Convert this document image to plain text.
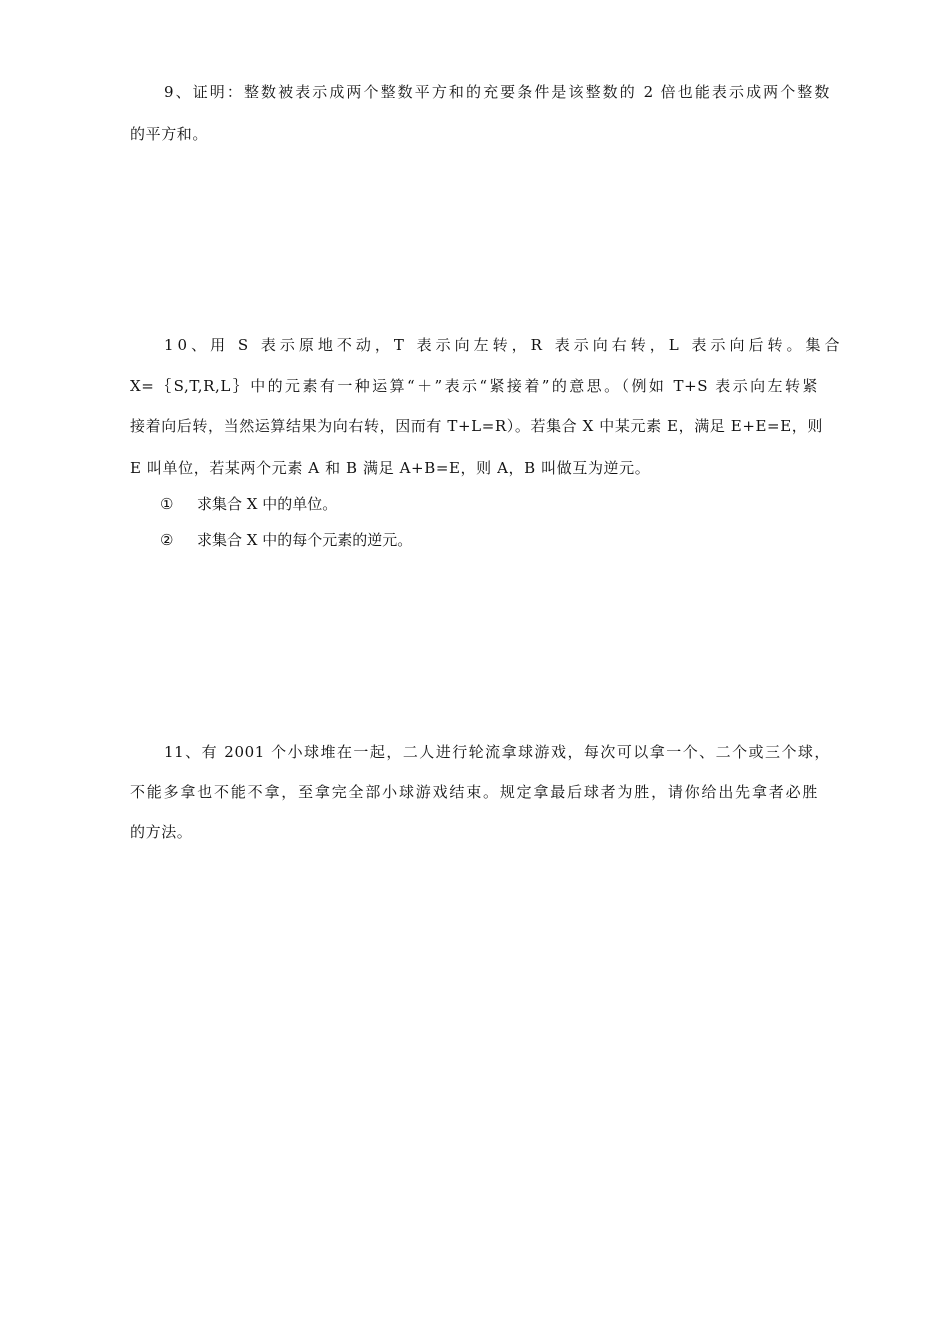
9、证明：整数被表示成两个整数平方和的充要条件是该整数的 2 倍也能表示成两个整数

的平方和。

10、用 S 表示原地不动，T 表示向左转，R 表示向右转，L 表示向后转。集合

X=｛S,T,R,L｝中的元素有一种运算“＋”表示“紧接着”的意思。（例如 T+S 表示向左转紧

接着向后转，当然运算结果为向右转，因而有 T+L=R）。若集合 X 中某元素 E，满足 E+E=E，则

E 叫单位，若某两个元素 A 和 B 满足 A+B=E，则 A，B 叫做互为逆元。

① 求集合 X 中的单位。
② 求集合 X 中的每个元素的逆元。

11、有 2001 个小球堆在一起，二人进行轮流拿球游戏，每次可以拿一个、二个或三个球，

不能多拿也不能不拿，至拿完全部小球游戏结束。规定拿最后球者为胜，请你给出先拿者必胜

的方法。
